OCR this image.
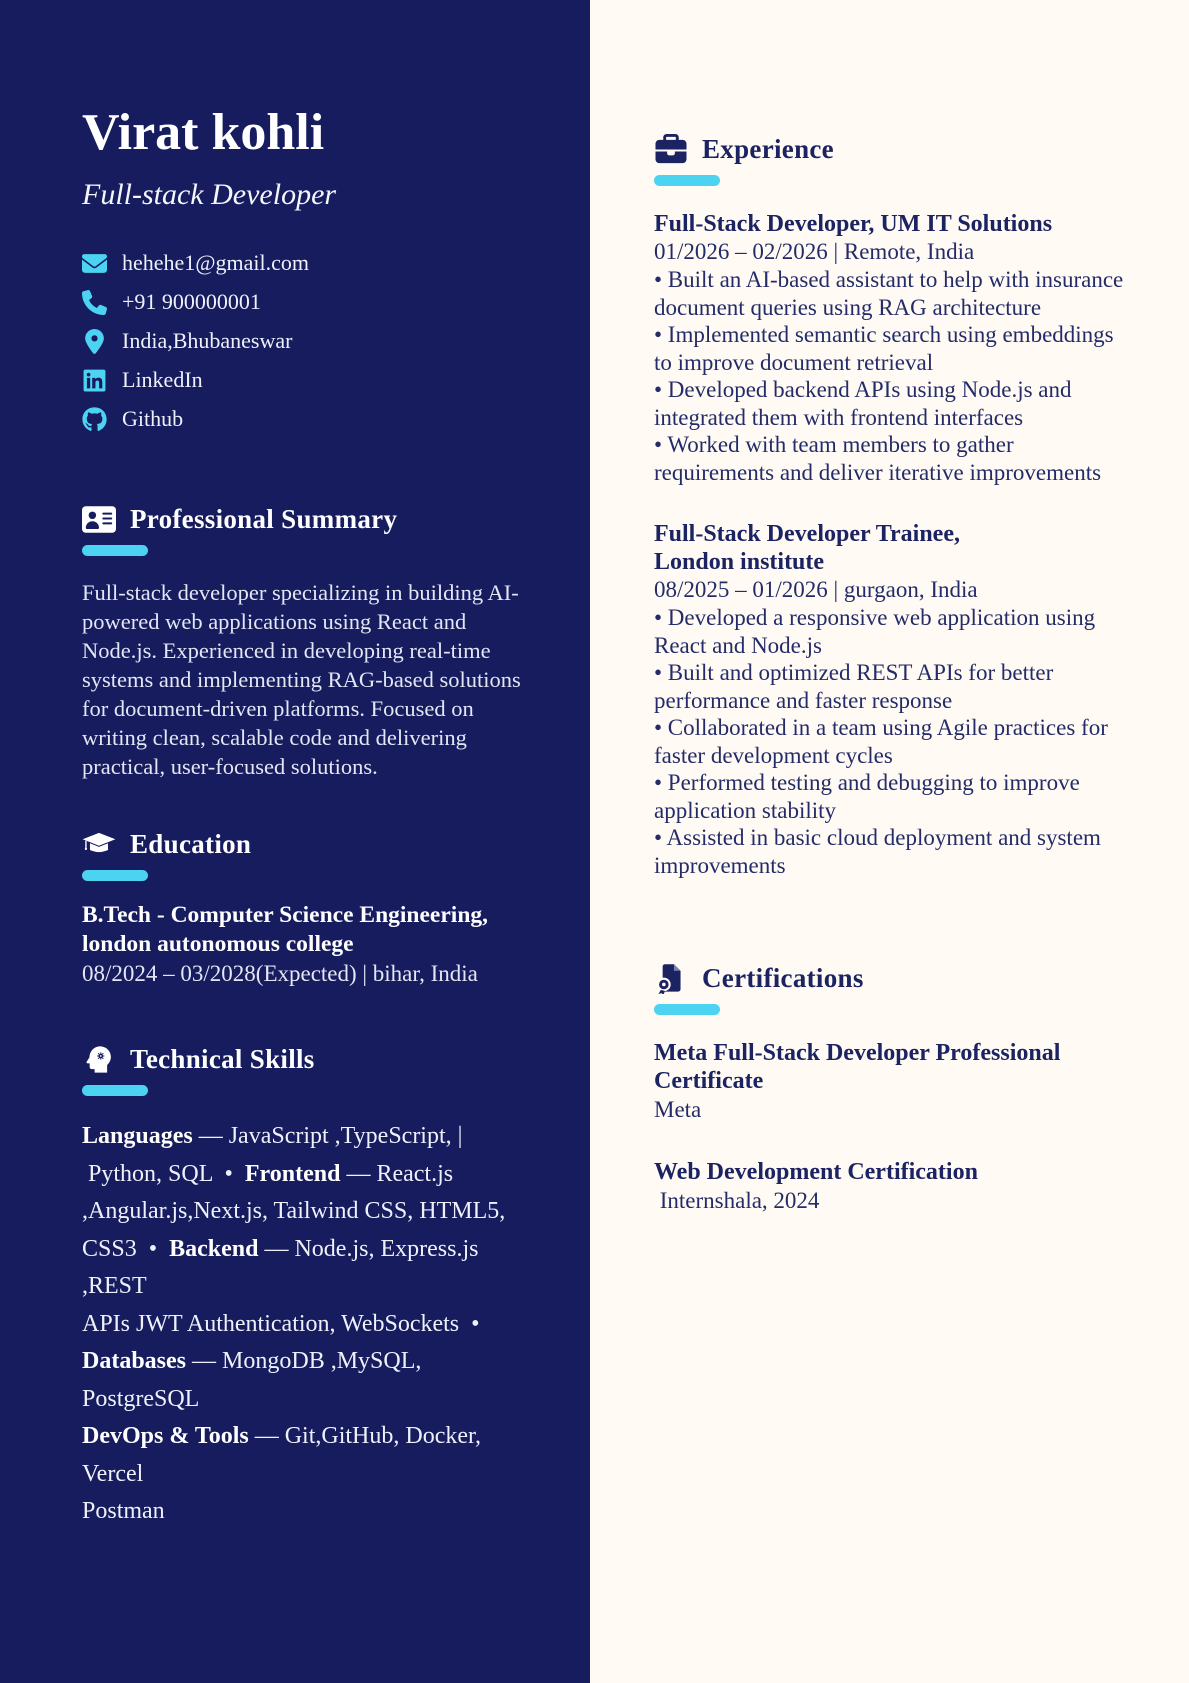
Virat kohli
Full-stack Developer
hehehe1@gmail.com
+91 900000001
India,Bhubaneswar
LinkedIn
Github
Professional Summary

Full-stack developer specializing in building AI-powered web applications using React and Node.js. Experienced in developing real-time systems and implementing RAG-based solutions for document-driven platforms. Focused on writing clean, scalable code and delivering practical, user-focused solutions.

Education
B.Tech - Computer Science Engineering,
london autonomous college
08/2024 – 03/2028(Expected) | bihar, India
Technical Skills
Languages — JavaScript ,TypeScript, |
Python, SQL  •  Frontend — React.js
,Angular.js,Next.js, Tailwind CSS, HTML5,
CSS3  •  Backend — Node.js, Express.js ,REST
APIs JWT Authentication, WebSockets  •
Databases — MongoDB ,MySQL, PostgreSQL
DevOps & Tools — Git,GitHub, Docker, Vercel
Postman
Experience
Full-Stack Developer, UM IT Solutions
01/2026 – 02/2026 | Remote, India

• Built an AI-based assistant to help with insurance document queries using RAG architecture

• Implemented semantic search using embeddings to improve document retrieval

• Developed backend APIs using Node.js and integrated them with frontend interfaces

• Worked with team members to gather requirements and deliver iterative improvements

Full-Stack Developer Trainee,
London institute
08/2025 – 01/2026 | gurgaon, India

• Developed a responsive web application using React and Node.js

• Built and optimized REST APIs for better performance and faster response

• Collaborated in a team using Agile practices for faster development cycles

• Performed testing and debugging to improve application stability

• Assisted in basic cloud deployment and system improvements

Certifications
Meta Full-Stack Developer Professional Certificate
Meta
Web Development Certification
Internshala, 2024
